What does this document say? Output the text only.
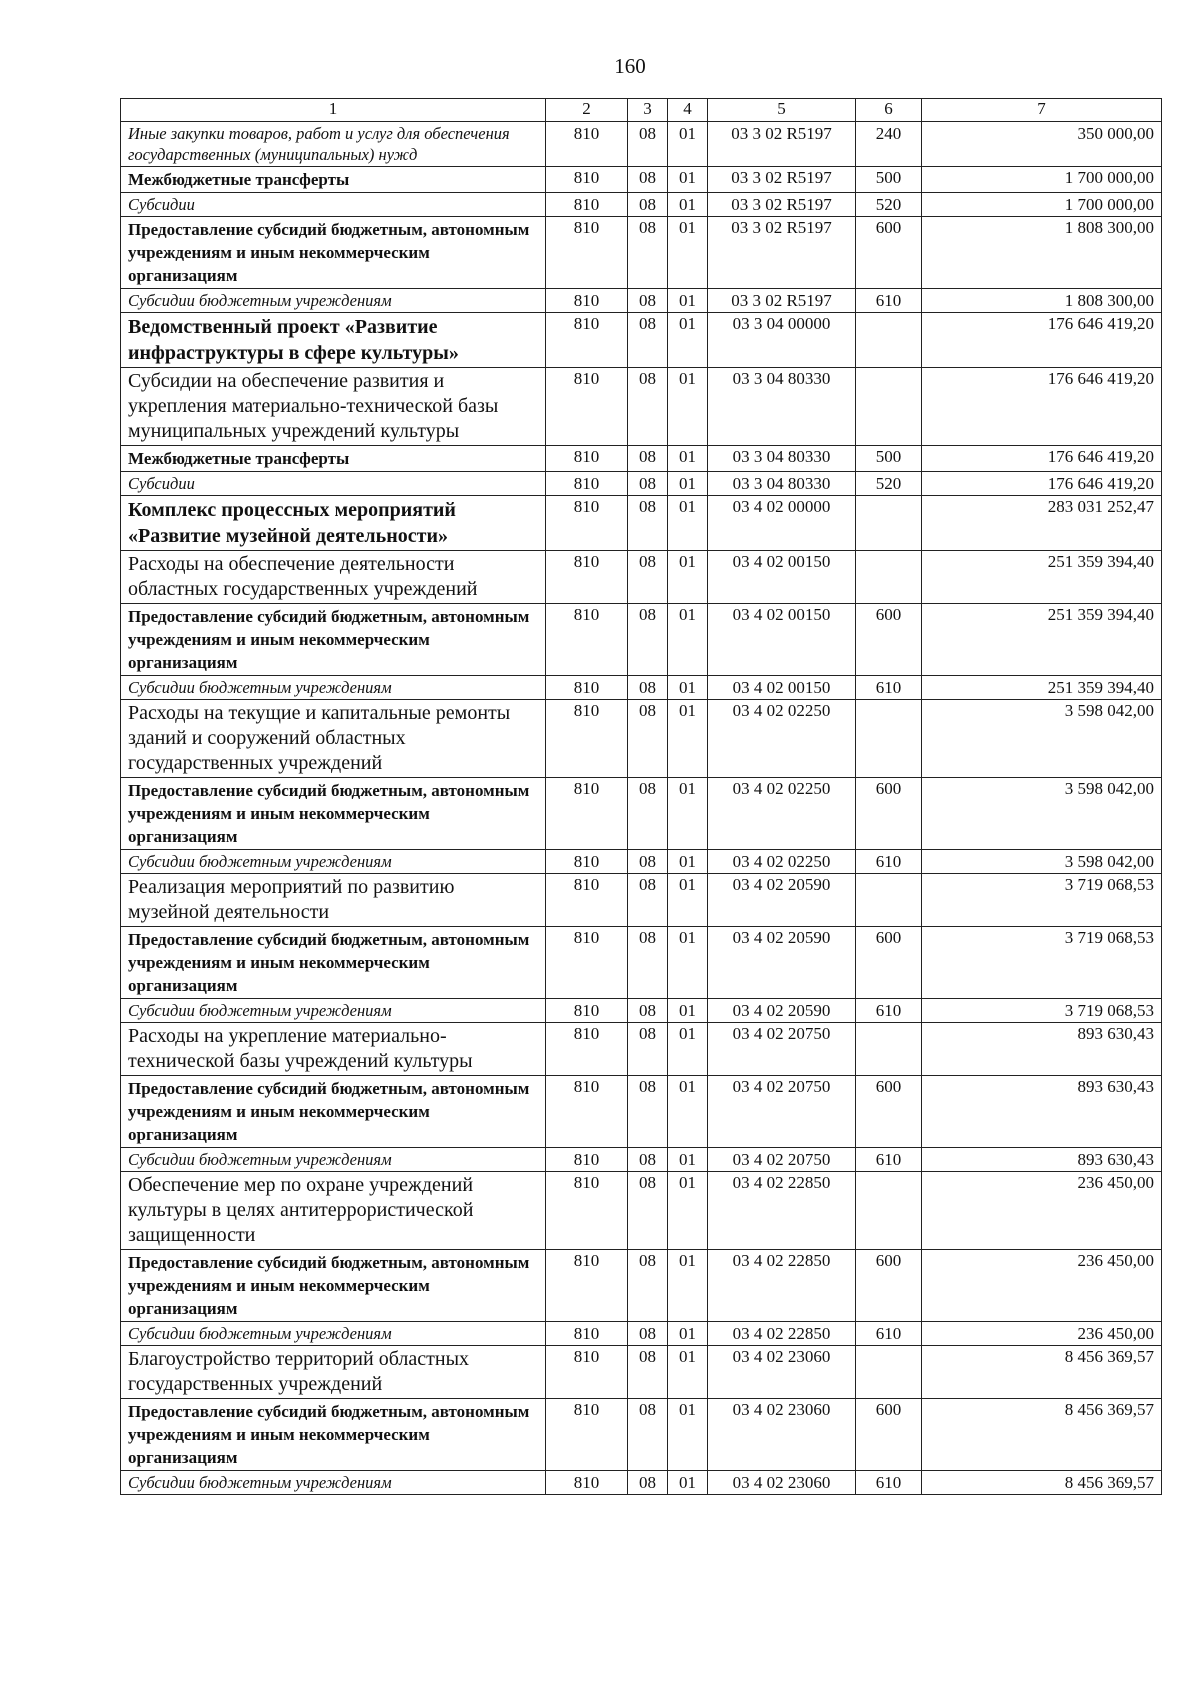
160
1	2	3	4	5	6	7
Иные закупки товаров, работ и услуг для обеспечения государственных (муниципальных) нужд	810	08	01	03 3 02 R5197	240	350 000,00
Межбюджетные трансферты	810	08	01	03 3 02 R5197	500	1 700 000,00
Субсидии	810	08	01	03 3 02 R5197	520	1 700 000,00
Предоставление субсидий бюджетным, автономным учреждениям и иным некоммерческим организациям	810	08	01	03 3 02 R5197	600	1 808 300,00
Субсидии бюджетным учреждениям	810	08	01	03 3 02 R5197	610	1 808 300,00
Ведомственный проект «Развитие инфраструктуры в сфере культуры»	810	08	01	03 3 04 00000		176 646 419,20
Субсидии на обеспечение развития и укрепления материально-технической базы муниципальных учреждений культуры	810	08	01	03 3 04 80330		176 646 419,20
Межбюджетные трансферты	810	08	01	03 3 04 80330	500	176 646 419,20
Субсидии	810	08	01	03 3 04 80330	520	176 646 419,20
Комплекс процессных мероприятий «Развитие музейной деятельности»	810	08	01	03 4 02 00000		283 031 252,47
Расходы на обеспечение деятельности областных государственных учреждений	810	08	01	03 4 02 00150		251 359 394,40
Предоставление субсидий бюджетным, автономным учреждениям и иным некоммерческим организациям	810	08	01	03 4 02 00150	600	251 359 394,40
Субсидии бюджетным учреждениям	810	08	01	03 4 02 00150	610	251 359 394,40
Расходы на текущие и капитальные ремонты зданий и сооружений областных государственных учреждений	810	08	01	03 4 02 02250		3 598 042,00
Предоставление субсидий бюджетным, автономным учреждениям и иным некоммерческим организациям	810	08	01	03 4 02 02250	600	3 598 042,00
Субсидии бюджетным учреждениям	810	08	01	03 4 02 02250	610	3 598 042,00
Реализация мероприятий по развитию музейной деятельности	810	08	01	03 4 02 20590		3 719 068,53
Предоставление субсидий бюджетным, автономным учреждениям и иным некоммерческим организациям	810	08	01	03 4 02 20590	600	3 719 068,53
Субсидии бюджетным учреждениям	810	08	01	03 4 02 20590	610	3 719 068,53
Расходы на укрепление материально-технической базы учреждений культуры	810	08	01	03 4 02 20750		893 630,43
Предоставление субсидий бюджетным, автономным учреждениям и иным некоммерческим организациям	810	08	01	03 4 02 20750	600	893 630,43
Субсидии бюджетным учреждениям	810	08	01	03 4 02 20750	610	893 630,43
Обеспечение мер по охране учреждений культуры в целях антитеррористической защищенности	810	08	01	03 4 02 22850		236 450,00
Предоставление субсидий бюджетным, автономным учреждениям и иным некоммерческим организациям	810	08	01	03 4 02 22850	600	236 450,00
Субсидии бюджетным учреждениям	810	08	01	03 4 02 22850	610	236 450,00
Благоустройство территорий областных государственных учреждений	810	08	01	03 4 02 23060		8 456 369,57
Предоставление субсидий бюджетным, автономным учреждениям и иным некоммерческим организациям	810	08	01	03 4 02 23060	600	8 456 369,57
Субсидии бюджетным учреждениям	810	08	01	03 4 02 23060	610	8 456 369,57
